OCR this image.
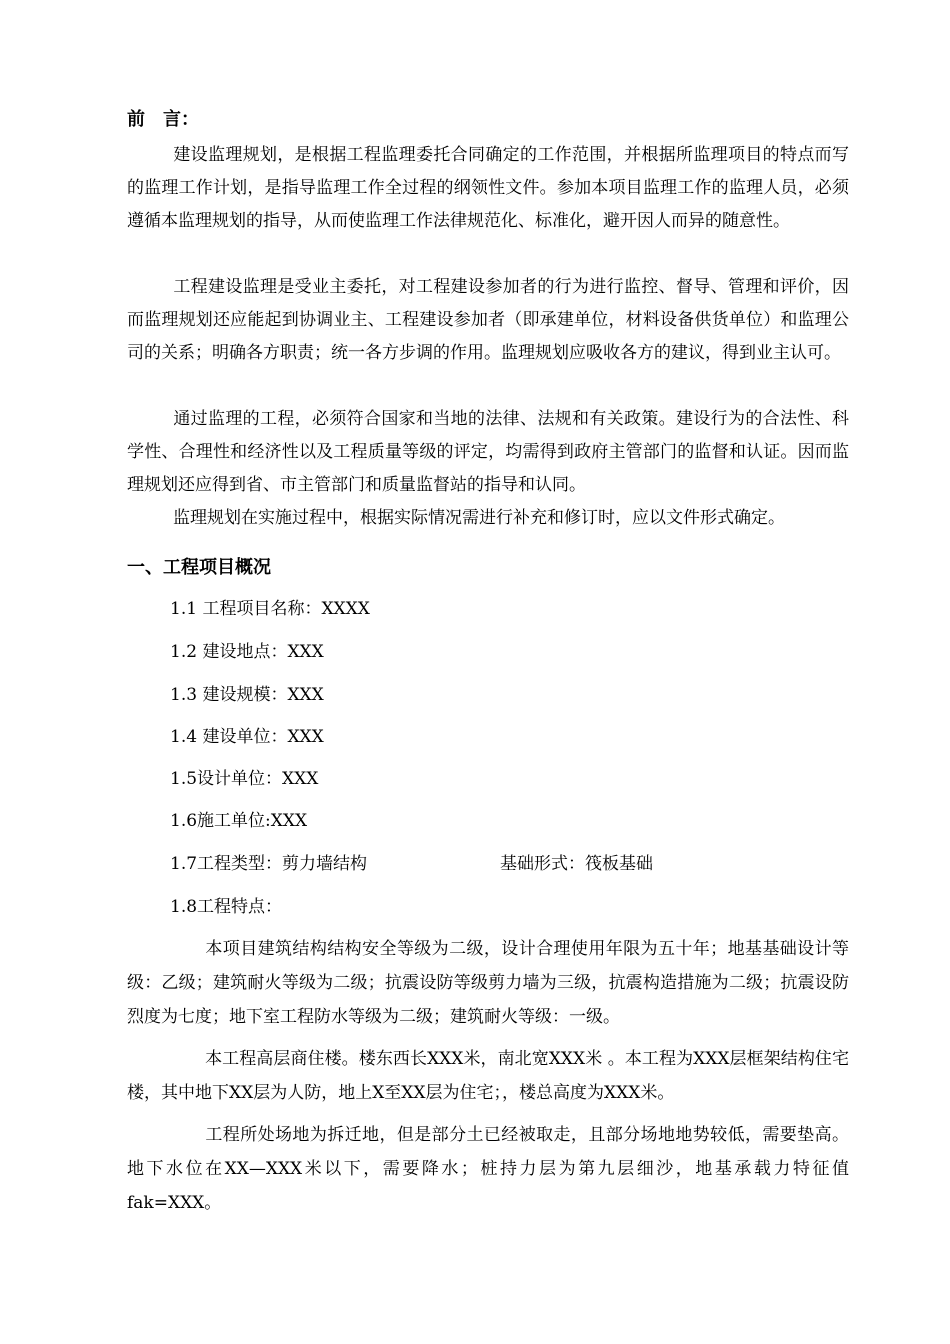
前　言：
建设监理规划，是根据工程监理委托合同确定的工作范围，并根据所监理项目的特点而写的监理工作计划，是指导监理工作全过程的纲领性文件。参加本项目监理工作的监理人员，必须遵循本监理规划的指导，从而使监理工作法律规范化、标准化，避开因人而异的随意性。
工程建设监理是受业主委托，对工程建设参加者的行为进行监控、督导、管理和评价，因而监理规划还应能起到协调业主、工程建设参加者（即承建单位，材料设备供货单位）和监理公司的关系；明确各方职责；统一各方步调的作用。监理规划应吸收各方的建议，得到业主认可。
通过监理的工程，必须符合国家和当地的法律、法规和有关政策。建设行为的合法性、科学性、合理性和经济性以及工程质量等级的评定，均需得到政府主管部门的监督和认证。因而监理规划还应得到省、市主管部门和质量监督站的指导和认同。
监理规划在实施过程中，根据实际情况需进行补充和修订时，应以文件形式确定。
一、工程项目概况
1.1 工程项目名称：XXXX
1.2 建设地点：XXX
1.3 建设规模：XXX
1.4 建设单位：XXX
1.5设计单位：XXX
1.6施工单位:XXX
1.7工程类型：剪力墙结构	基础形式：筏板基础
1.8工程特点：
本项目建筑结构结构安全等级为二级，设计合理使用年限为五十年；地基基础设计等级：乙级；建筑耐火等级为二级；抗震设防等级剪力墙为三级，抗震构造措施为二级；抗震设防烈度为七度；地下室工程防水等级为二级；建筑耐火等级：一级。
本工程高层商住楼。楼东西长XXX米，南北宽XXX米 。本工程为XXX层框架结构住宅楼，其中地下XX层为人防，地上X至XX层为住宅；，楼总高度为XXX米。
工程所处场地为拆迁地，但是部分土已经被取走，且部分场地地势较低，需要垫高。地下水位在XX—XXX米以下，需要降水；桩持力层为第九层细沙，地基承载力特征值fak=XXX。
